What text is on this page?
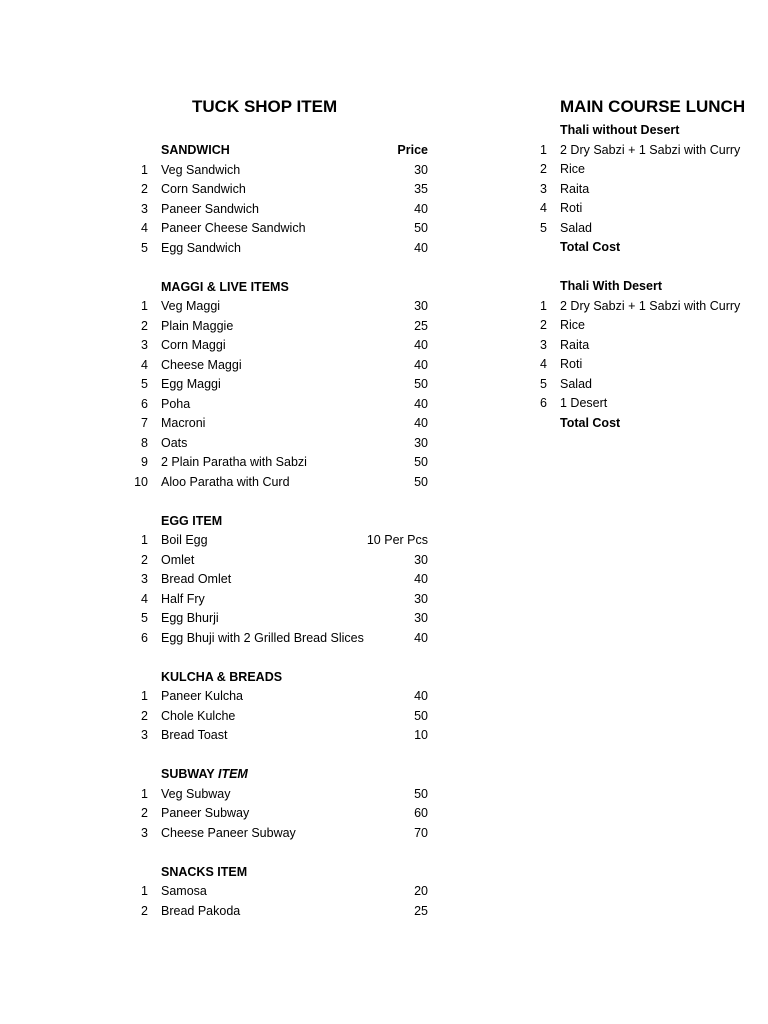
TUCK SHOP ITEM	MAIN COURSE LUNCH
SANDWICH	Price
1 Veg Sandwich	30
2 Corn Sandwich	35
3 Paneer Sandwich	40
4 Paneer Cheese Sandwich	50
5 Egg Sandwich	40
MAGGI & LIVE ITEMS
1 Veg Maggi	30
2 Plain Maggie	25
3 Corn Maggi	40
4 Cheese Maggi	40
5 Egg Maggi	50
6 Poha	40
7 Macroni	40
8 Oats	30
9 2 Plain Paratha with Sabzi	50
10 Aloo Paratha with Curd	50
EGG ITEM
1 Boil Egg	10 Per Pcs
2 Omlet	30
3 Bread Omlet	40
4 Half Fry	30
5 Egg Bhurji	30
6 Egg Bhuji with 2 Grilled Bread Slices	40
KULCHA & BREADS
1 Paneer Kulcha	40
2 Chole Kulche	50
3 Bread Toast	10
SUBWAY ITEM
1 Veg Subway	50
2 Paneer Subway	60
3 Cheese Paneer Subway	70
SNACKS ITEM
1 Samosa	20
2 Bread Pakoda	25
Thali without Desert
1 2 Dry Sabzi + 1 Sabzi with Curry
2 Rice
3 Raita
4 Roti
5 Salad
Total Cost
Thali With Desert
1 2 Dry Sabzi + 1 Sabzi with Curry
2 Rice
3 Raita
4 Roti
5 Salad
6 1 Desert
Total Cost
